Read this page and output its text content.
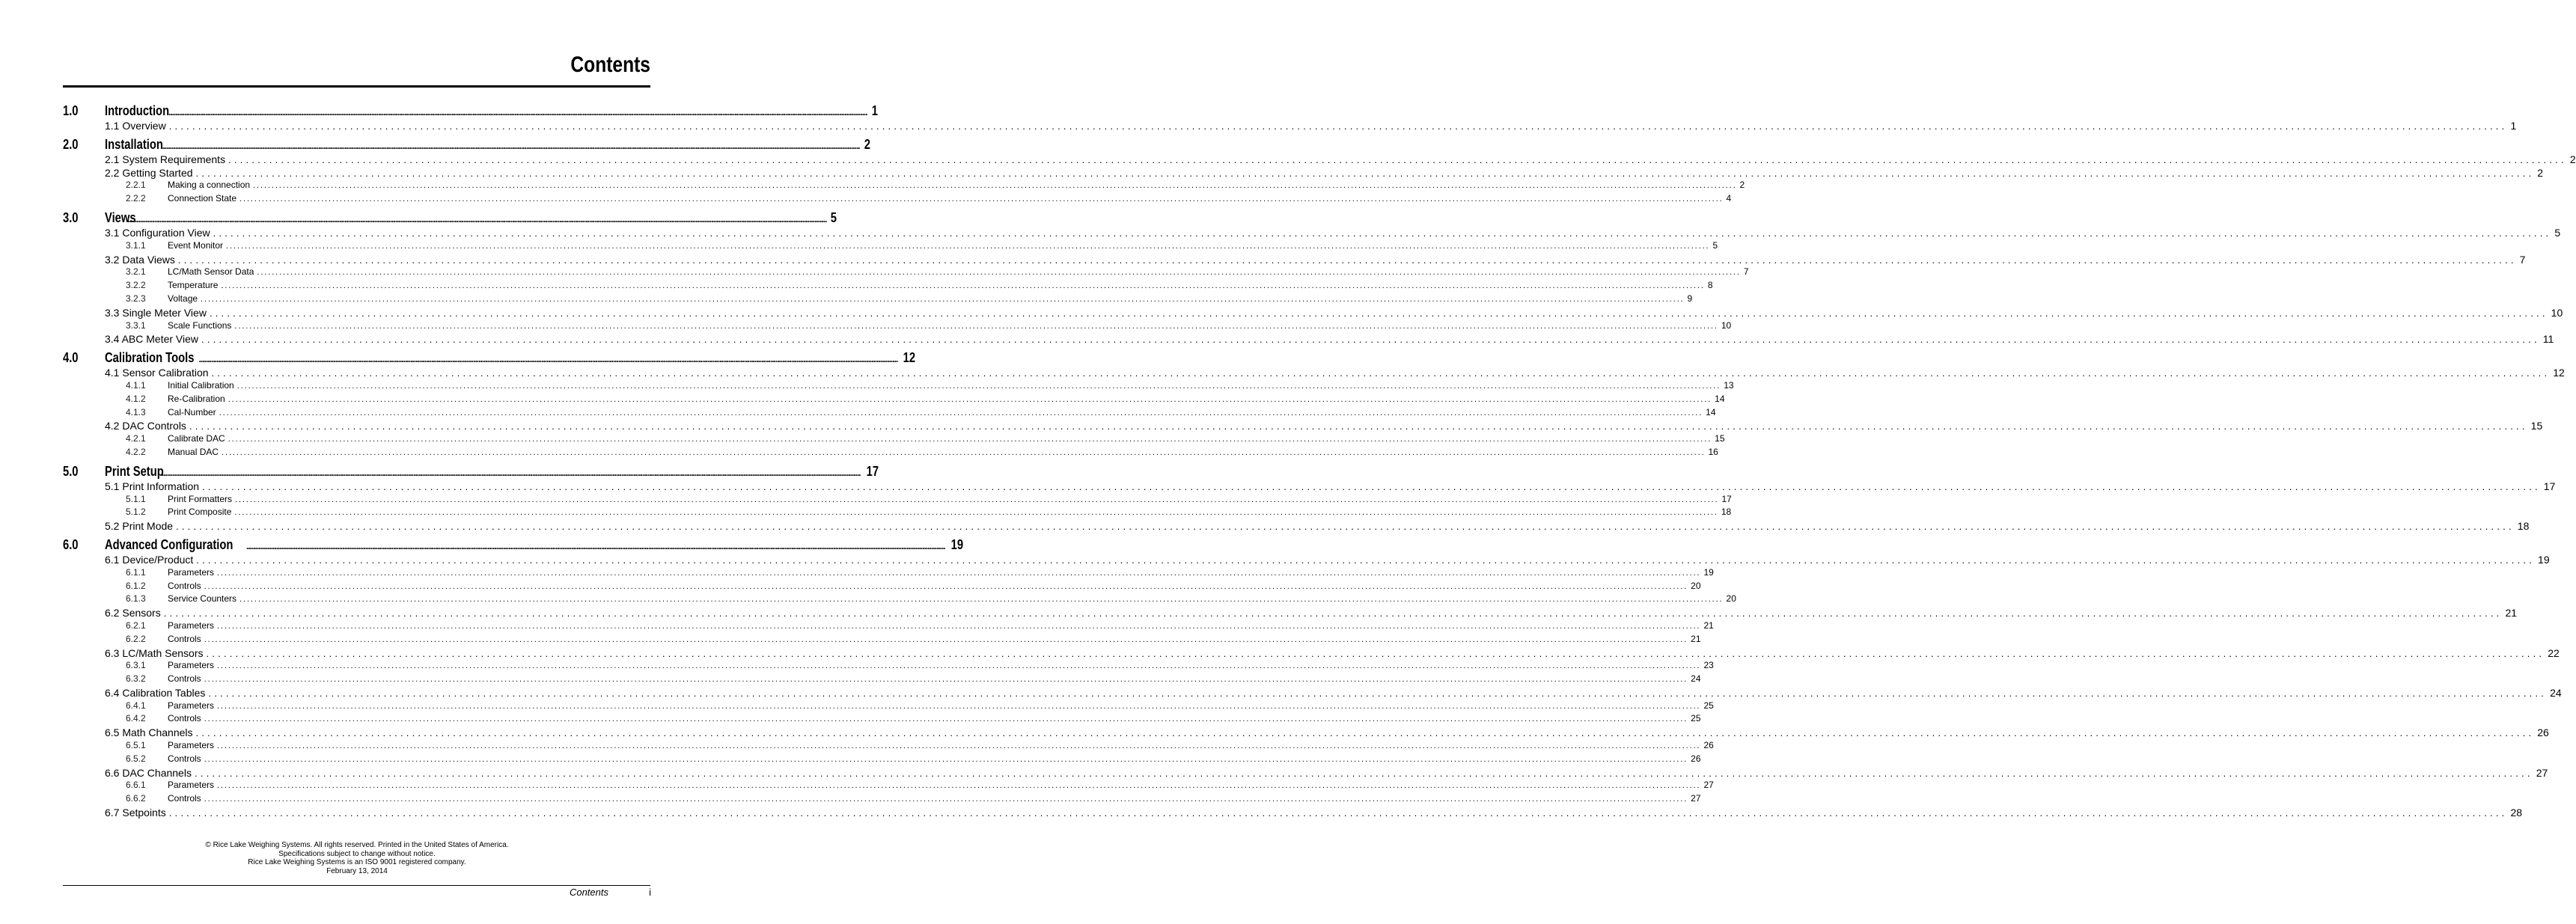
Contents
1.0 Introduction
................................................................................................................................................................................................................................................................................................................................................................................................................ 1
1.1 Overview ................................................................................................................................................................................................................................................................................................................................................................................................................ 1
2.0 Installation
................................................................................................................................................................................................................................................................................................................................................................................................................ 2
2.1 System Requirements ................................................................................................................................................................................................................................................................................................................................................................................................................ 2
2.2 Getting Started ................................................................................................................................................................................................................................................................................................................................................................................................................ 2
2.2.1 Making a connection ................................................................................................................................................................................................................................................................................................................................................................................................................ 2
2.2.2 Connection State ................................................................................................................................................................................................................................................................................................................................................................................................................ 4
3.0 Views
................................................................................................................................................................................................................................................................................................................................................................................................................ 5
3.1 Configuration View ................................................................................................................................................................................................................................................................................................................................................................................................................ 5
3.1.1 Event Monitor ................................................................................................................................................................................................................................................................................................................................................................................................................ 5
3.2 Data Views ................................................................................................................................................................................................................................................................................................................................................................................................................ 7
3.2.1 LC/Math Sensor Data ................................................................................................................................................................................................................................................................................................................................................................................................................ 7
3.2.2 Temperature ................................................................................................................................................................................................................................................................................................................................................................................................................ 8
3.2.3 Voltage ................................................................................................................................................................................................................................................................................................................................................................................................................ 9
3.3 Single Meter View ................................................................................................................................................................................................................................................................................................................................................................................................................ 10
3.3.1 Scale Functions ................................................................................................................................................................................................................................................................................................................................................................................................................ 10
3.4 ABC Meter View ................................................................................................................................................................................................................................................................................................................................................................................................................ 11
4.0 Calibration Tools ................................................................................................................................................................................................................................................................................................................................................................................................................ 12
4.1 Sensor Calibration ................................................................................................................................................................................................................................................................................................................................................................................................................ 12
4.1.1 Initial Calibration ................................................................................................................................................................................................................................................................................................................................................................................................................ 13
4.1.2 Re-Calibration ................................................................................................................................................................................................................................................................................................................................................................................................................ 14
4.1.3 Cal-Number ................................................................................................................................................................................................................................................................................................................................................................................................................ 14
4.2 DAC Controls ................................................................................................................................................................................................................................................................................................................................................................................................................ 15
4.2.1 Calibrate DAC ................................................................................................................................................................................................................................................................................................................................................................................................................ 15
4.2.2 Manual DAC ................................................................................................................................................................................................................................................................................................................................................................................................................ 16
5.0 Print Setup
................................................................................................................................................................................................................................................................................................................................................................................................................ 17
5.1 Print Information ................................................................................................................................................................................................................................................................................................................................................................................................................ 17
5.1.1 Print Formatters ................................................................................................................................................................................................................................................................................................................................................................................................................ 17
5.1.2 Print Composite ................................................................................................................................................................................................................................................................................................................................................................................................................ 18
5.2 Print Mode ................................................................................................................................................................................................................................................................................................................................................................................................................ 18
6.0 Advanced Configuration ................................................................................................................................................................................................................................................................................................................................................................................................................ 19
6.1 Device/Product ................................................................................................................................................................................................................................................................................................................................................................................................................ 19
6.1.1 Parameters ................................................................................................................................................................................................................................................................................................................................................................................................................ 19
6.1.2 Controls ................................................................................................................................................................................................................................................................................................................................................................................................................ 20
6.1.3 Service Counters ................................................................................................................................................................................................................................................................................................................................................................................................................ 20
6.2 Sensors ................................................................................................................................................................................................................................................................................................................................................................................................................ 21
6.2.1 Parameters ................................................................................................................................................................................................................................................................................................................................................................................................................ 21
6.2.2 Controls ................................................................................................................................................................................................................................................................................................................................................................................................................ 21
6.3 LC/Math Sensors ................................................................................................................................................................................................................................................................................................................................................................................................................ 22
6.3.1 Parameters ................................................................................................................................................................................................................................................................................................................................................................................................................ 23
6.3.2 Controls ................................................................................................................................................................................................................................................................................................................................................................................................................ 24
6.4 Calibration Tables ................................................................................................................................................................................................................................................................................................................................................................................................................ 24
6.4.1 Parameters ................................................................................................................................................................................................................................................................................................................................................................................................................ 25
6.4.2 Controls ................................................................................................................................................................................................................................................................................................................................................................................................................ 25
6.5 Math Channels ................................................................................................................................................................................................................................................................................................................................................................................................................ 26
6.5.1 Parameters ................................................................................................................................................................................................................................................................................................................................................................................................................ 26
6.5.2 Controls ................................................................................................................................................................................................................................................................................................................................................................................................................ 26
6.6 DAC Channels ................................................................................................................................................................................................................................................................................................................................................................................................................ 27
6.6.1 Parameters ................................................................................................................................................................................................................................................................................................................................................................................................................ 27
6.6.2 Controls ................................................................................................................................................................................................................................................................................................................................................................................................................ 27
6.7 Setpoints ................................................................................................................................................................................................................................................................................................................................................................................................................ 28
© Rice Lake Weighing Systems. All rights reserved. Printed in the United States of America.
Specifications subject to change without notice.
Rice Lake Weighing Systems is an ISO 9001 registered company.
February 13, 2014
Contents	i
